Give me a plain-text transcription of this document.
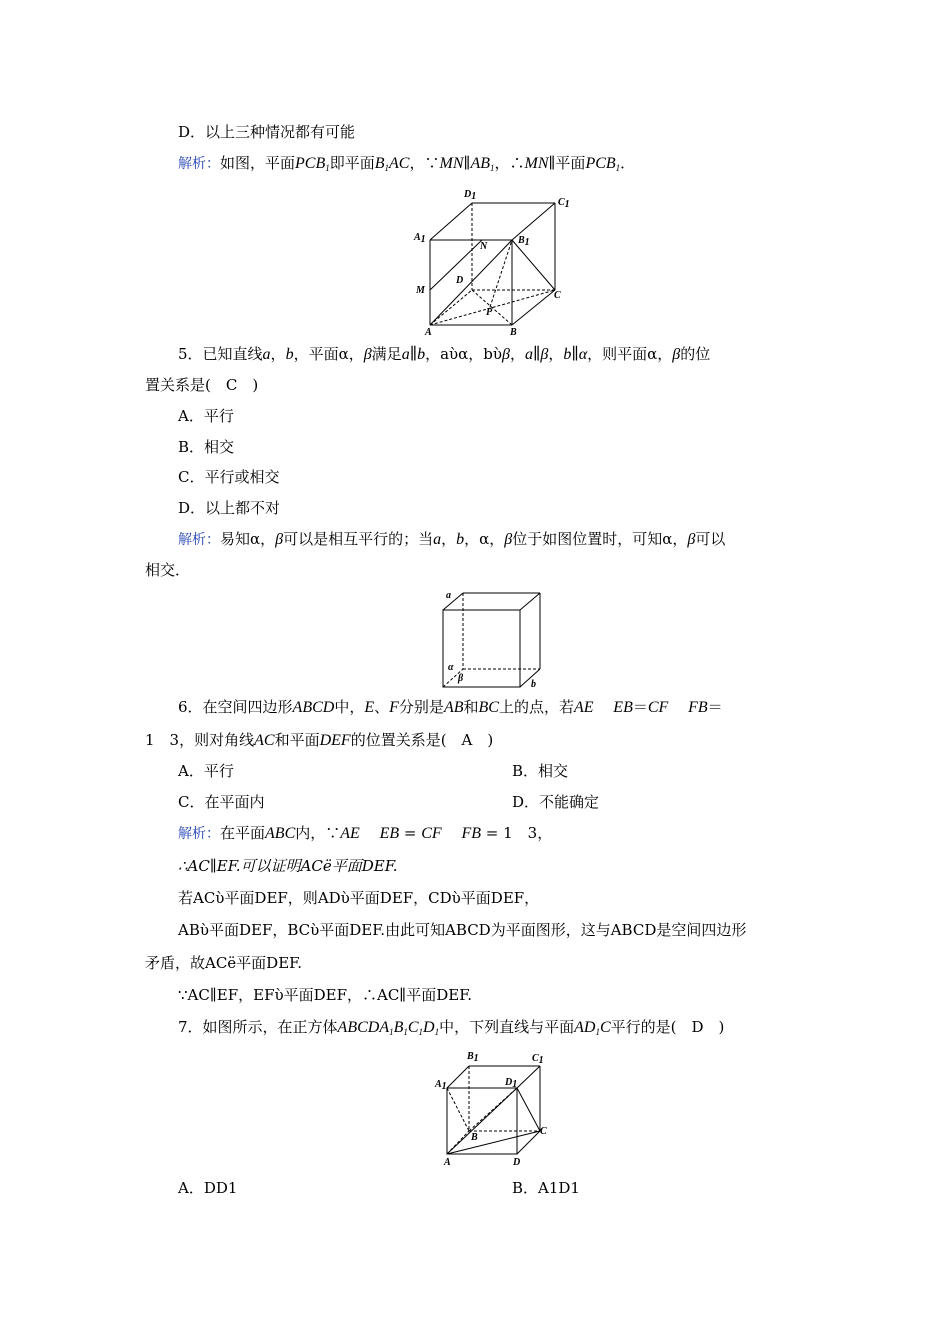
D．以上三种情况都有可能
解析：如图，平面$PCB_1$即平面$B_1AC$，$\because MN\parallel AB_1$，∴MN∥平面$PCB_1$．
D1
C1
A1
N
B1
D
M	C
P
A	B
5．已知直线a，b，平面α，β满足a∥b，aὺα，bὺβ，a∥β，b∥α，则平面α，β的位
置关系是(　C　)
A．平行
B．相交
C．平行或相交
D．以上都不对
解析：易知α，β可以是相互平行的；当a，b，α，β位于如图位置时，可知α，β可以
相交．
a
α
β
b
6．在空间四边形ABCD中，E、F分别是AB和BC上的点，若AE　 EB＝CF　 FB＝
1　3，则对角线AC和平面DEF的位置关系是(　A　)
A．平行	B．相交
C．在平面内	D．不能确定
解析：在平面ABC内，∵AE　 EB = CF　 FB = 1　3，
∴AC∥EF.可以证明ACë平面DEF.
若ACὺ平面DEF，则ADὺ平面DEF，CDὺ平面DEF，
ABὺ平面DEF，BCὺ平面DEF.由此可知ABCD为平面图形，这与ABCD是空间四边形
矛盾，故ACë平面DEF.
∵AC∥EF，EFὺ平面DEF，∴AC∥平面DEF.
7．如图所示，在正方体$ABCDA_1B_1C_1D_1$中，下列直线与平面$AD_1C$平行的是(　D　)
B1	C1
A1	D1
B
C
A	D
A．DD1	B．A1D1
